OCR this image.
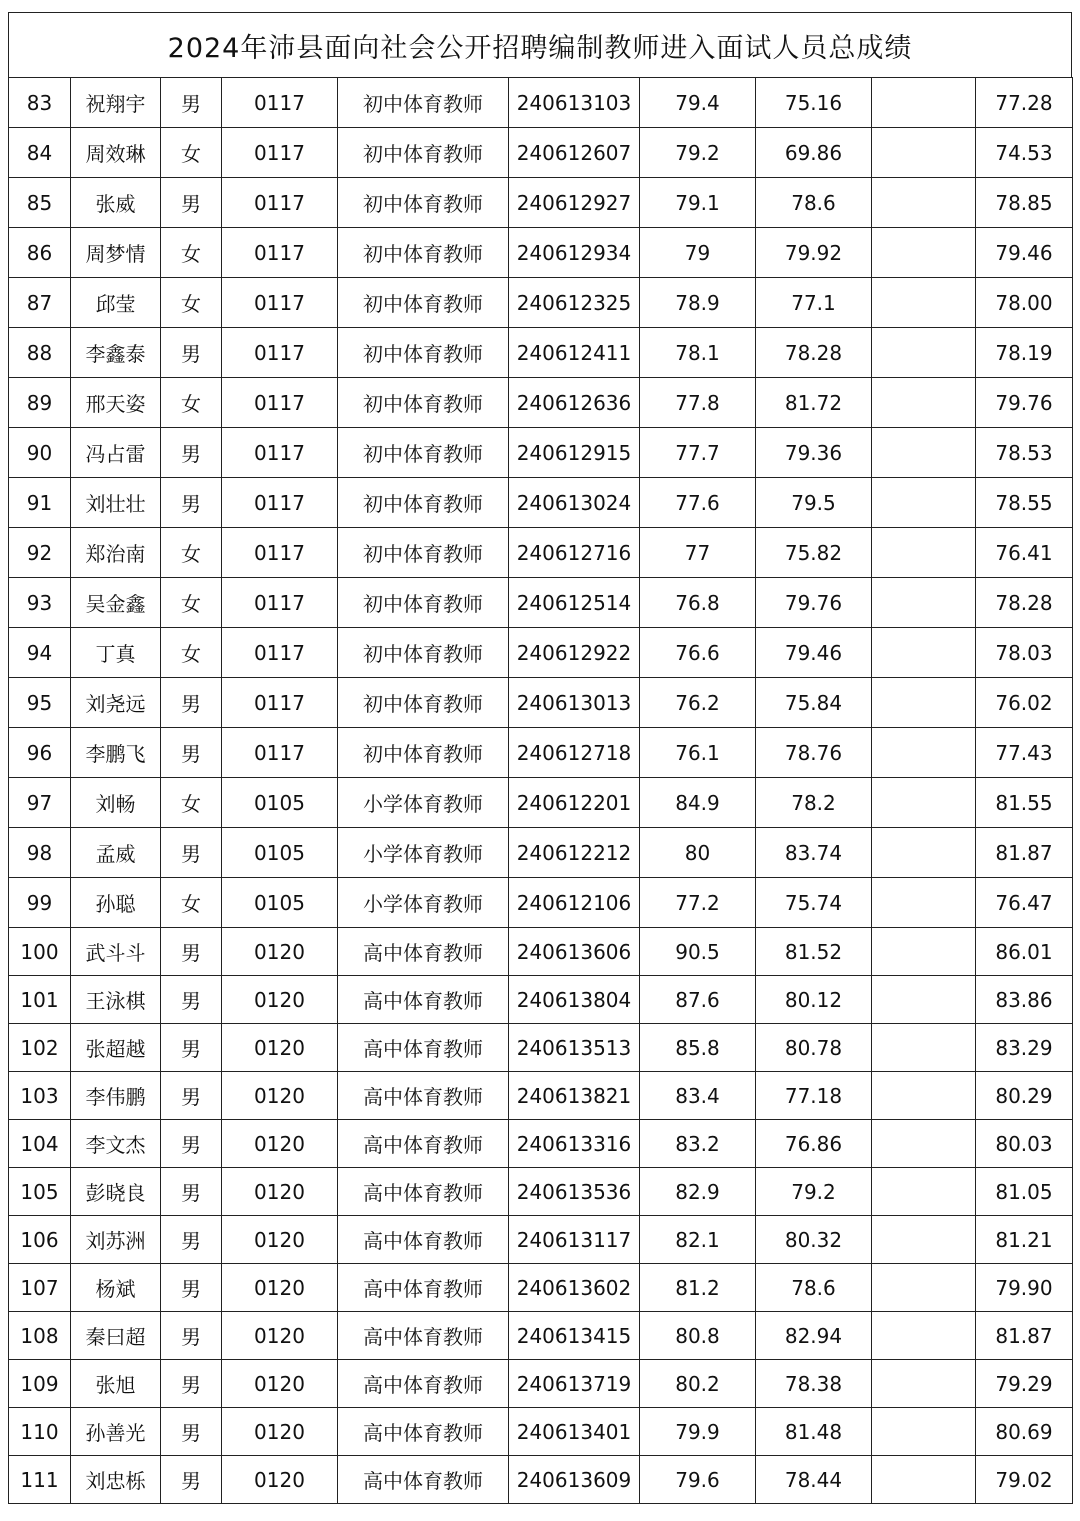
2024年沛县面向社会公开招聘编制教师进入面试人员总成绩
83	祝翔宇	男	0117	初中体育教师	240613103	79.4	75.16		77.28
84	周效琳	女	0117	初中体育教师	240612607	79.2	69.86		74.53
85	张威	男	0117	初中体育教师	240612927	79.1	78.6		78.85
86	周梦情	女	0117	初中体育教师	240612934	79	79.92		79.46
87	邱莹	女	0117	初中体育教师	240612325	78.9	77.1		78.00
88	李鑫泰	男	0117	初中体育教师	240612411	78.1	78.28		78.19
89	邢天姿	女	0117	初中体育教师	240612636	77.8	81.72		79.76
90	冯占雷	男	0117	初中体育教师	240612915	77.7	79.36		78.53
91	刘壮壮	男	0117	初中体育教师	240613024	77.6	79.5		78.55
92	郑治南	女	0117	初中体育教师	240612716	77	75.82		76.41
93	吴金鑫	女	0117	初中体育教师	240612514	76.8	79.76		78.28
94	丁真	女	0117	初中体育教师	240612922	76.6	79.46		78.03
95	刘尧远	男	0117	初中体育教师	240613013	76.2	75.84		76.02
96	李鹏飞	男	0117	初中体育教师	240612718	76.1	78.76		77.43
97	刘畅	女	0105	小学体育教师	240612201	84.9	78.2		81.55
98	孟威	男	0105	小学体育教师	240612212	80	83.74		81.87
99	孙聪	女	0105	小学体育教师	240612106	77.2	75.74		76.47
100	武斗斗	男	0120	高中体育教师	240613606	90.5	81.52		86.01
101	王泳棋	男	0120	高中体育教师	240613804	87.6	80.12		83.86
102	张超越	男	0120	高中体育教师	240613513	85.8	80.78		83.29
103	李伟鹏	男	0120	高中体育教师	240613821	83.4	77.18		80.29
104	李文杰	男	0120	高中体育教师	240613316	83.2	76.86		80.03
105	彭晓良	男	0120	高中体育教师	240613536	82.9	79.2		81.05
106	刘苏洲	男	0120	高中体育教师	240613117	82.1	80.32		81.21
107	杨斌	男	0120	高中体育教师	240613602	81.2	78.6		79.90
108	秦曰超	男	0120	高中体育教师	240613415	80.8	82.94		81.87
109	张旭	男	0120	高中体育教师	240613719	80.2	78.38		79.29
110	孙善光	男	0120	高中体育教师	240613401	79.9	81.48		80.69
111	刘忠栎	男	0120	高中体育教师	240613609	79.6	78.44		79.02
